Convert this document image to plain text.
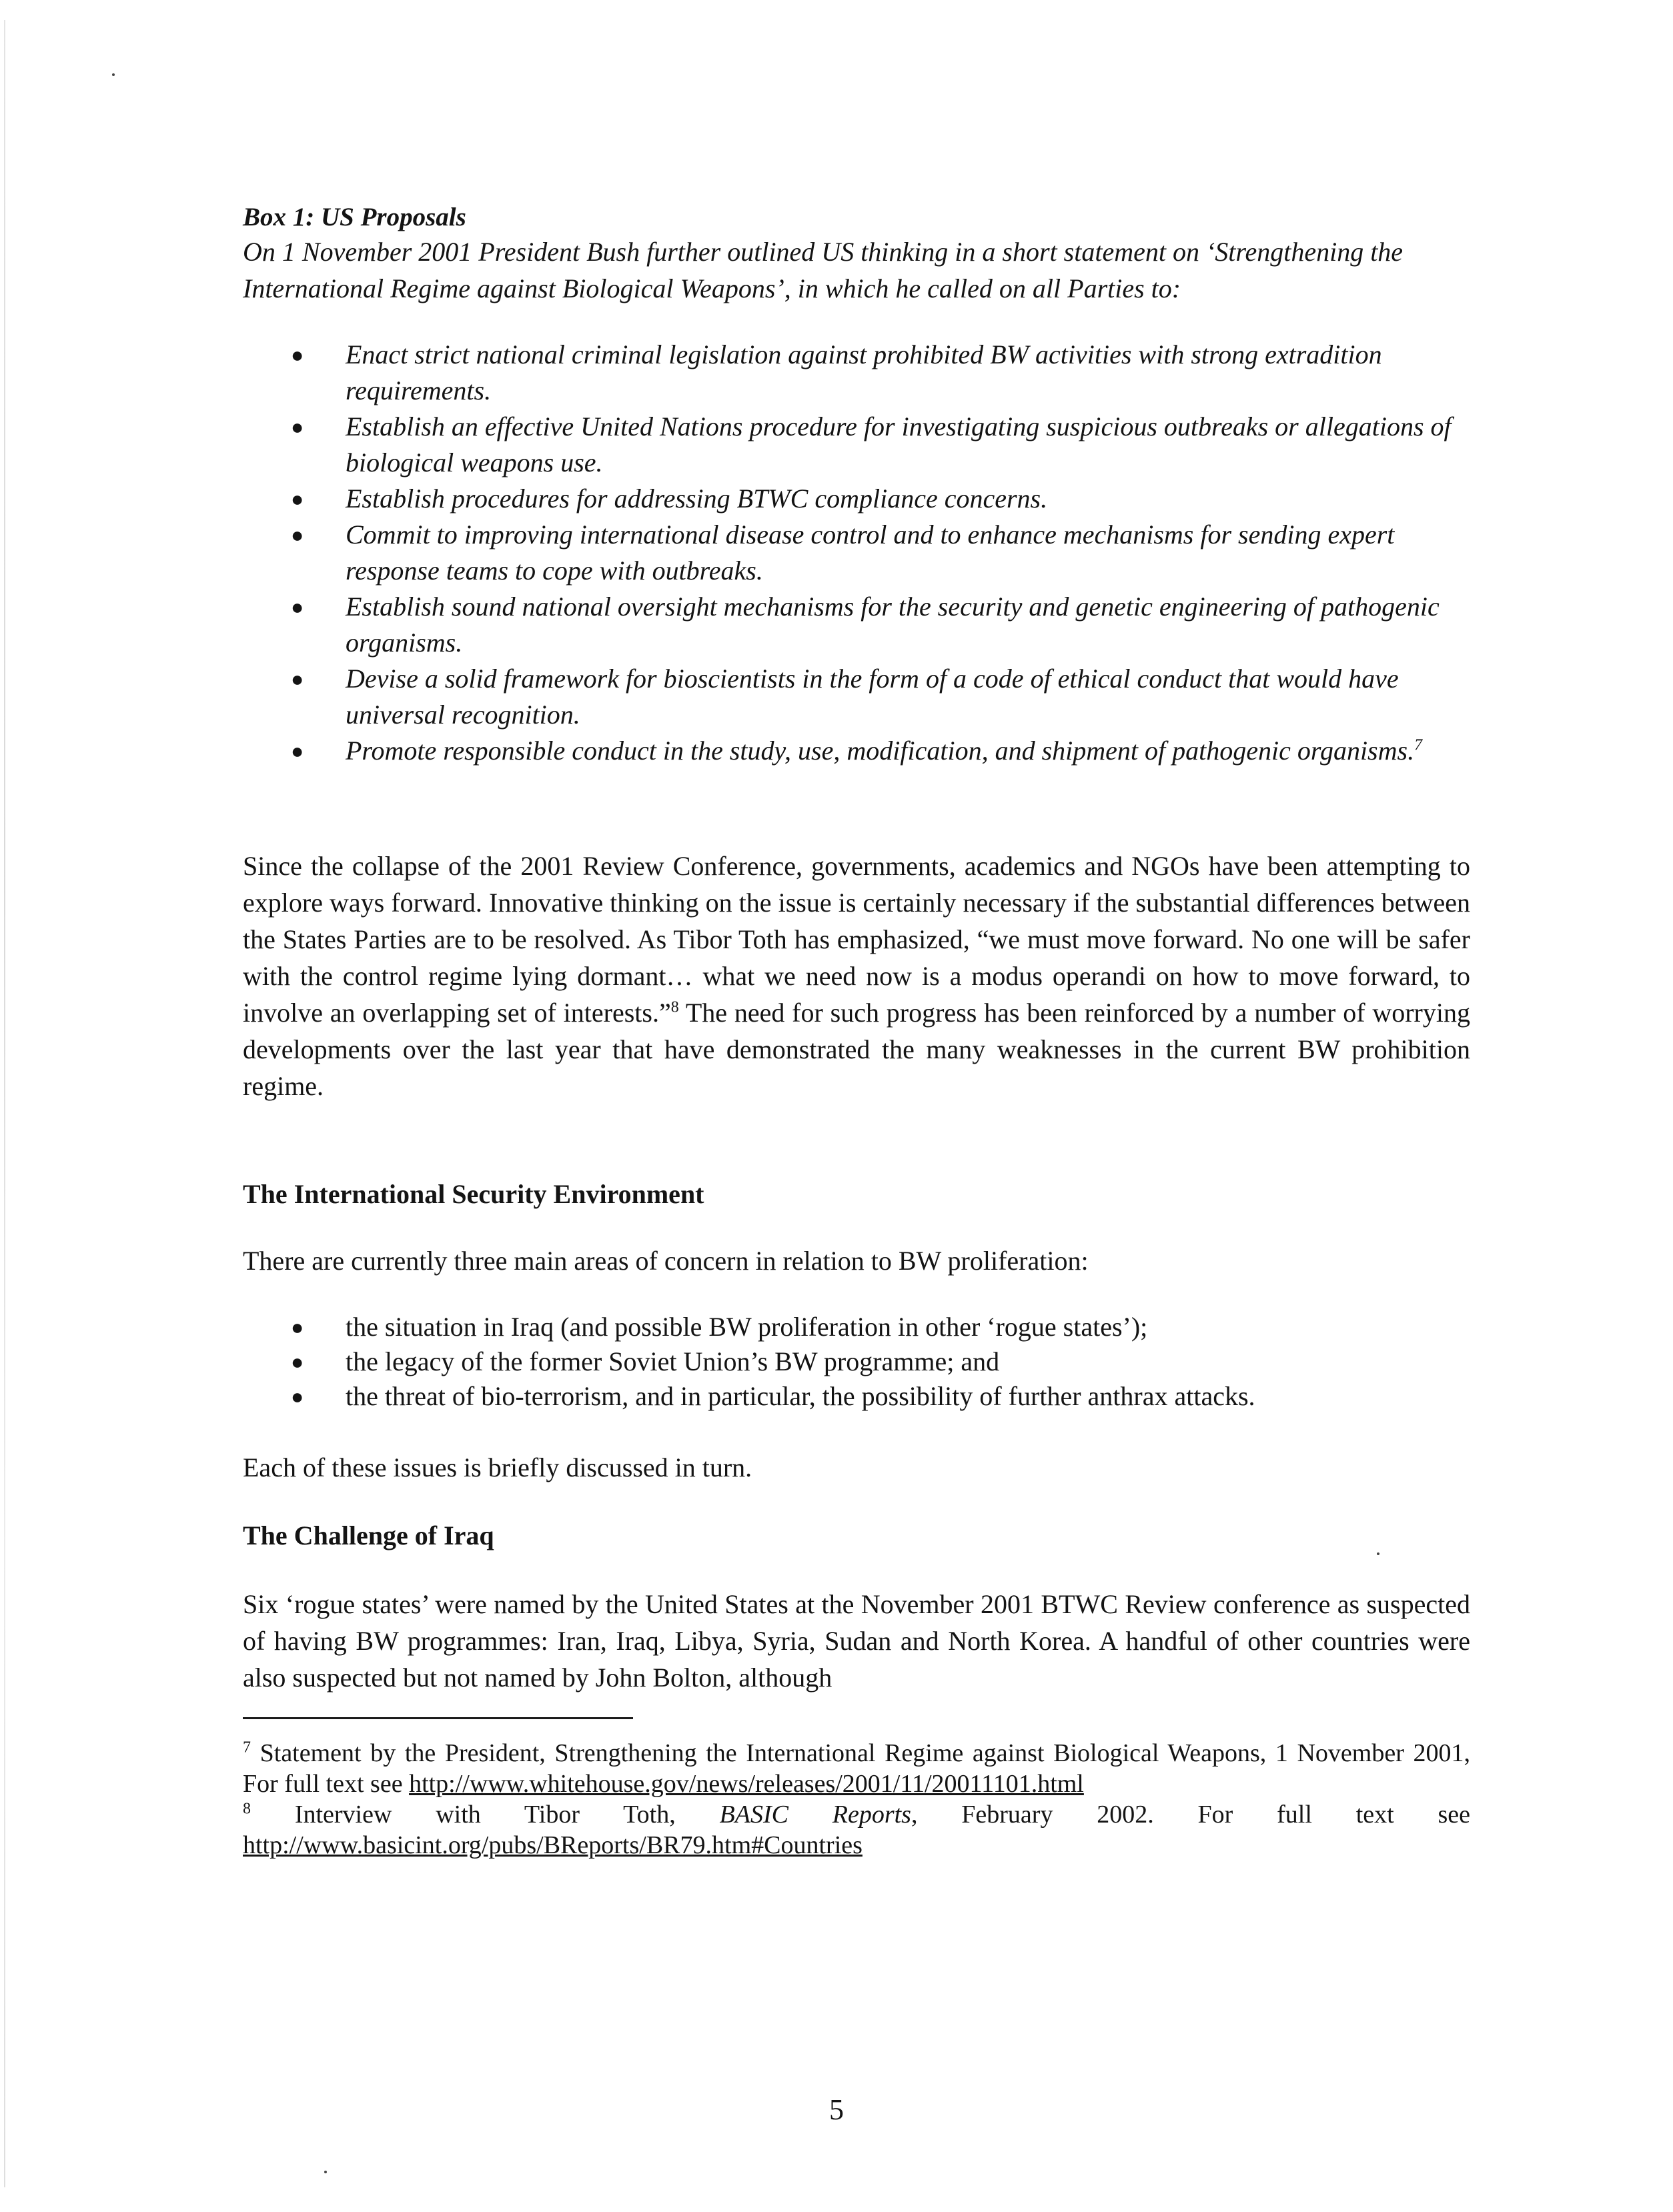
Box 1: US Proposals

On 1 November 2001 President Bush further outlined US thinking in a short statement on ‘Strengthening the International Regime against Biological Weapons’, in which he called on all Parties to:

● Enact strict national criminal legislation against prohibited BW activities with strong extradition requirements.
● Establish an effective United Nations procedure for investigating suspicious outbreaks or allegations of biological weapons use.
● Establish procedures for addressing BTWC compliance concerns.
● Commit to improving international disease control and to enhance mechanisms for sending expert response teams to cope with outbreaks.
● Establish sound national oversight mechanisms for the security and genetic engineering of pathogenic organisms.
● Devise a solid framework for bioscientists in the form of a code of ethical conduct that would have universal recognition.
● Promote responsible conduct in the study, use, modification, and shipment of pathogenic organisms.$^7$

Since the collapse of the 2001 Review Conference, governments, academics and NGOs have been attempting to explore ways forward. Innovative thinking on the issue is certainly necessary if the substantial differences between the States Parties are to be resolved. As Tibor Toth has emphasized, “we must move forward. No one will be safer with the control regime lying dormant… what we need now is a modus operandi on how to move forward, to involve an overlapping set of interests.”$^8$ The need for such progress has been reinforced by a number of worrying developments over the last year that have demonstrated the many weaknesses in the current BW prohibition regime.

The International Security Environment

There are currently three main areas of concern in relation to BW proliferation:

● the situation in Iraq (and possible BW proliferation in other ‘rogue states’);
● the legacy of the former Soviet Union’s BW programme; and
● the threat of bio-terrorism, and in particular, the possibility of further anthrax attacks.

Each of these issues is briefly discussed in turn.

The Challenge of Iraq

Six ‘rogue states’ were named by the United States at the November 2001 BTWC Review conference as suspected of having BW programmes: Iran, Iraq, Libya, Syria, Sudan and North Korea. A handful of other countries were also suspected but not named by John Bolton, although

$^7$ Statement by the President, Strengthening the International Regime against Biological Weapons, 1 November 2001, For full text see http://www.whitehouse.gov/news/releases/2001/11/20011101.html

$^8$ Interview with Tibor Toth, BASIC Reports, February 2002. For full text see

http://www.basicint.org/pubs/BReports/BR79.htm#Countries

5
